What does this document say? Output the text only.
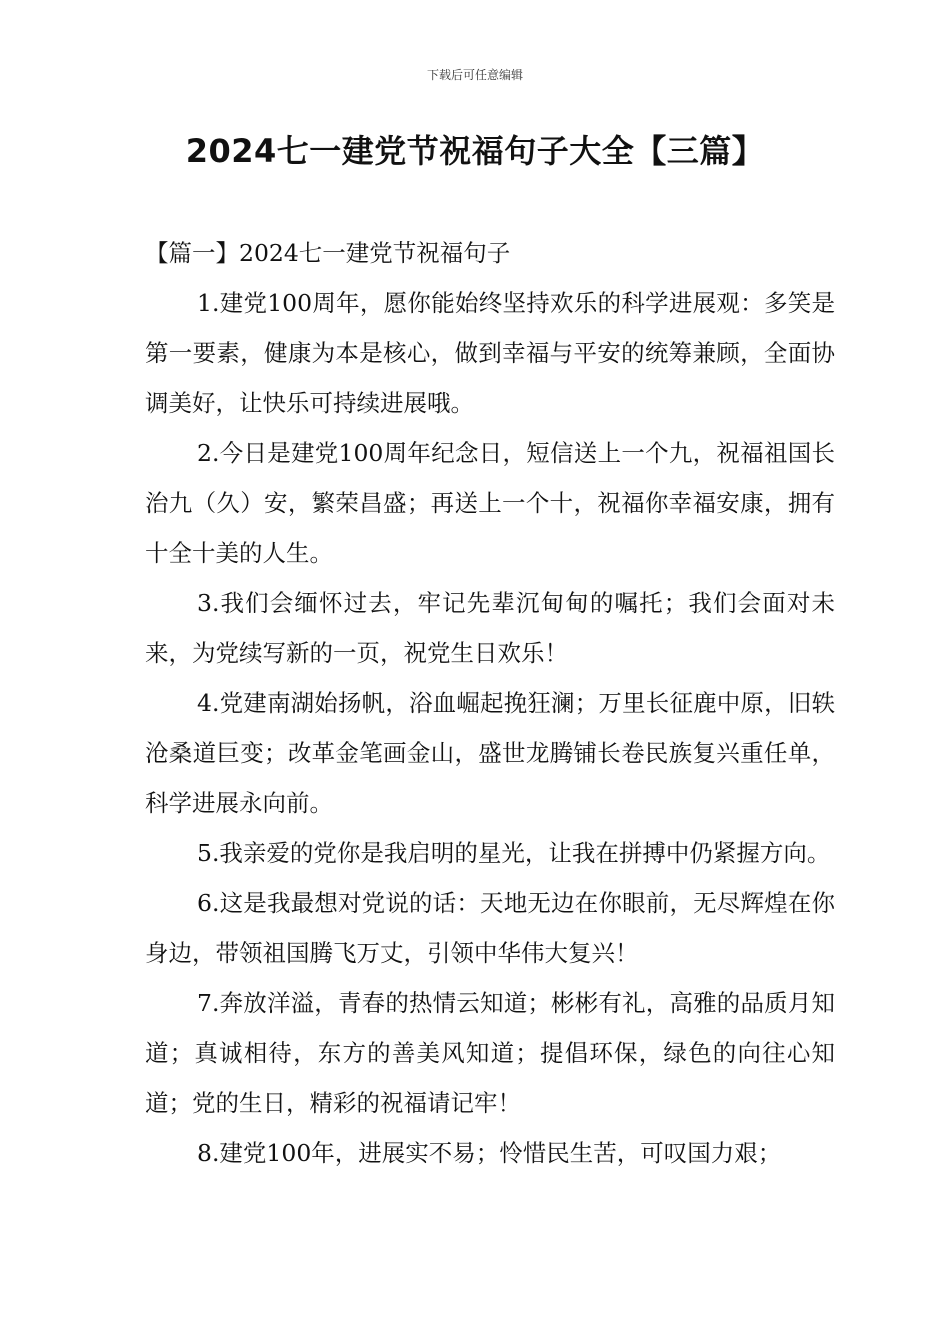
下载后可任意编辑
2024七一建党节祝福句子大全【三篇】

【篇一】2024七一建党节祝福句子

1.建党100周年，愿你能始终坚持欢乐的科学进展观：多笑是第一要素，健康为本是核心，做到幸福与平安的统筹兼顾，全面协调美好，让快乐可持续进展哦。

2.今日是建党100周年纪念日，短信送上一个九，祝福祖国长治九（久）安，繁荣昌盛；再送上一个十，祝福你幸福安康，拥有十全十美的人生。

3.我们会缅怀过去，牢记先辈沉甸甸的嘱托；我们会面对未来，为党续写新的一页，祝党生日欢乐！

4.党建南湖始扬帆，浴血崛起挽狂澜；万里长征鹿中原，旧轶沧桑道巨变；改革金笔画金山，盛世龙腾铺长卷民族复兴重任单，科学进展永向前。

5.我亲爱的党你是我启明的星光，让我在拼搏中仍紧握方向。

6.这是我最想对党说的话：天地无边在你眼前，无尽辉煌在你身边，带领祖国腾飞万丈，引领中华伟大复兴！

7.奔放洋溢，青春的热情云知道；彬彬有礼，高雅的品质月知道；真诚相待，东方的善美风知道；提倡环保，绿色的向往心知道；党的生日，精彩的祝福请记牢！

8.建党100年，进展实不易；怜惜民生苦，可叹国力艰；
